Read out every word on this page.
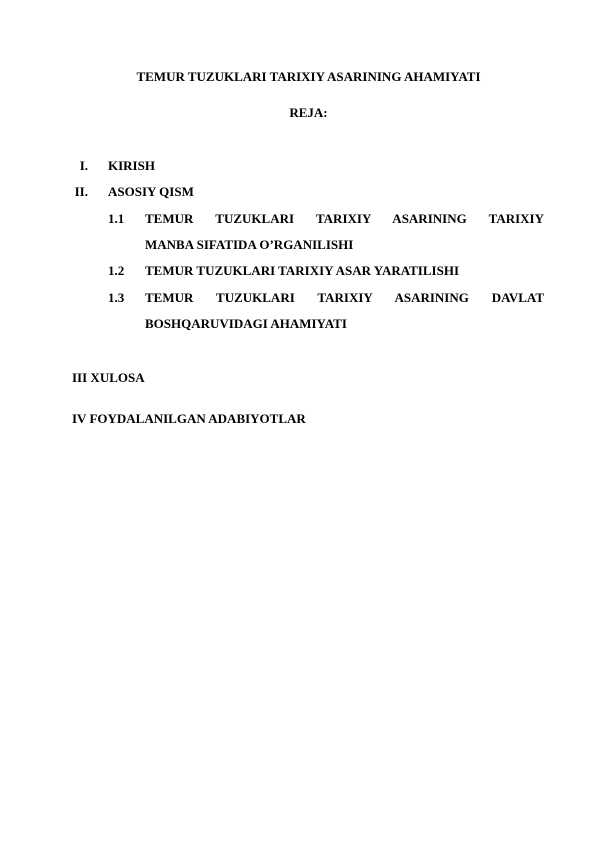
TEMUR TUZUKLARI TARIXIY ASARINING AHAMIYATI
REJA:
I. KIRISH
II. ASOSIY QISM
1.1 TEMUR TUZUKLARI TARIXIY ASARINING TARIXIY
MANBA SIFATIDA O’RGANILISHI
1.2 TEMUR TUZUKLARI TARIXIY ASAR YARATILISHI
1.3 TEMUR TUZUKLARI TARIXIY ASARINING DAVLAT
BOSHQARUVIDAGI AHAMIYATI
III XULOSA
IV FOYDALANILGAN ADABIYOTLAR
